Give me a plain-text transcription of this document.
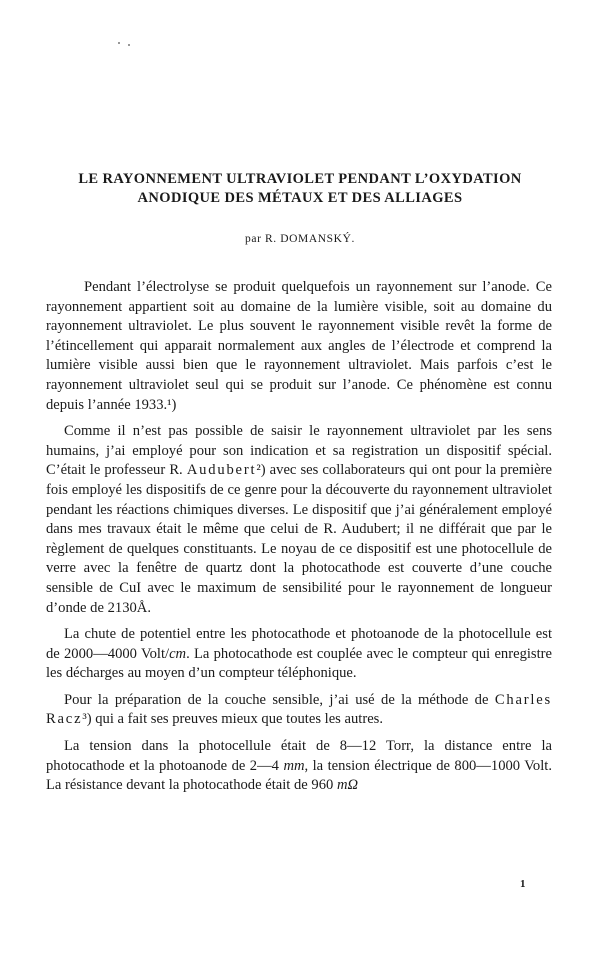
LE RAYONNEMENT ULTRAVIOLET PENDANT L’OXYDATION
ANODIQUE DES MÉTAUX ET DES ALLIAGES
par R. DOMANSKÝ.

Pendant l’électrolyse se produit quelquefois un rayonnement sur l’anode. Ce rayonnement appartient soit au domaine de la lumière visible, soit au domaine du rayonnement ultraviolet. Le plus souvent le rayonnement visible revêt la forme de l’étincellement qui apparait normalement aux angles de l’électrode et comprend la lumière visible aussi bien que le rayonnement ultraviolet. Mais parfois c’est le rayonnement ultraviolet seul qui se produit sur l’anode. Ce phénomène est connu depuis l’année 1933.¹)

Comme il n’est pas possible de saisir le rayonnement ultraviolet par les sens humains, j’ai employé pour son indication et sa registration un dispositif spécial. C’était le professeur R. Audubert²) avec ses collaborateurs qui ont pour la première fois employé les dispositifs de ce genre pour la découverte du rayonnement ultraviolet pendant les réactions chimiques diverses. Le dispositif que j’ai généralement employé dans mes travaux était le même que celui de R. Audubert; il ne différait que par le règlement de quelques constituants. Le noyau de ce dispositif est une photocellule de verre avec la fenêtre de quartz dont la photocathode est couverte d’une couche sensible de CuI avec le maximum de sensibilité pour le rayonnement de longueur d’onde de 2130Å.

La chute de potentiel entre les photocathode et photoanode de la photocellule est de 2000—4000 Volt/cm. La photocathode est couplée avec le compteur qui enregistre les décharges au moyen d’un compteur téléphonique.

Pour la préparation de la couche sensible, j’ai usé de la méthode de Charles Racz³) qui a fait ses preuves mieux que toutes les autres.

La tension dans la photocellule était de 8—12 Torr, la distance entre la photocathode et la photoanode de 2—4 mm, la tension électrique de 800—1000 Volt. La résistance devant la photocathode était de 960 mΩ

1
